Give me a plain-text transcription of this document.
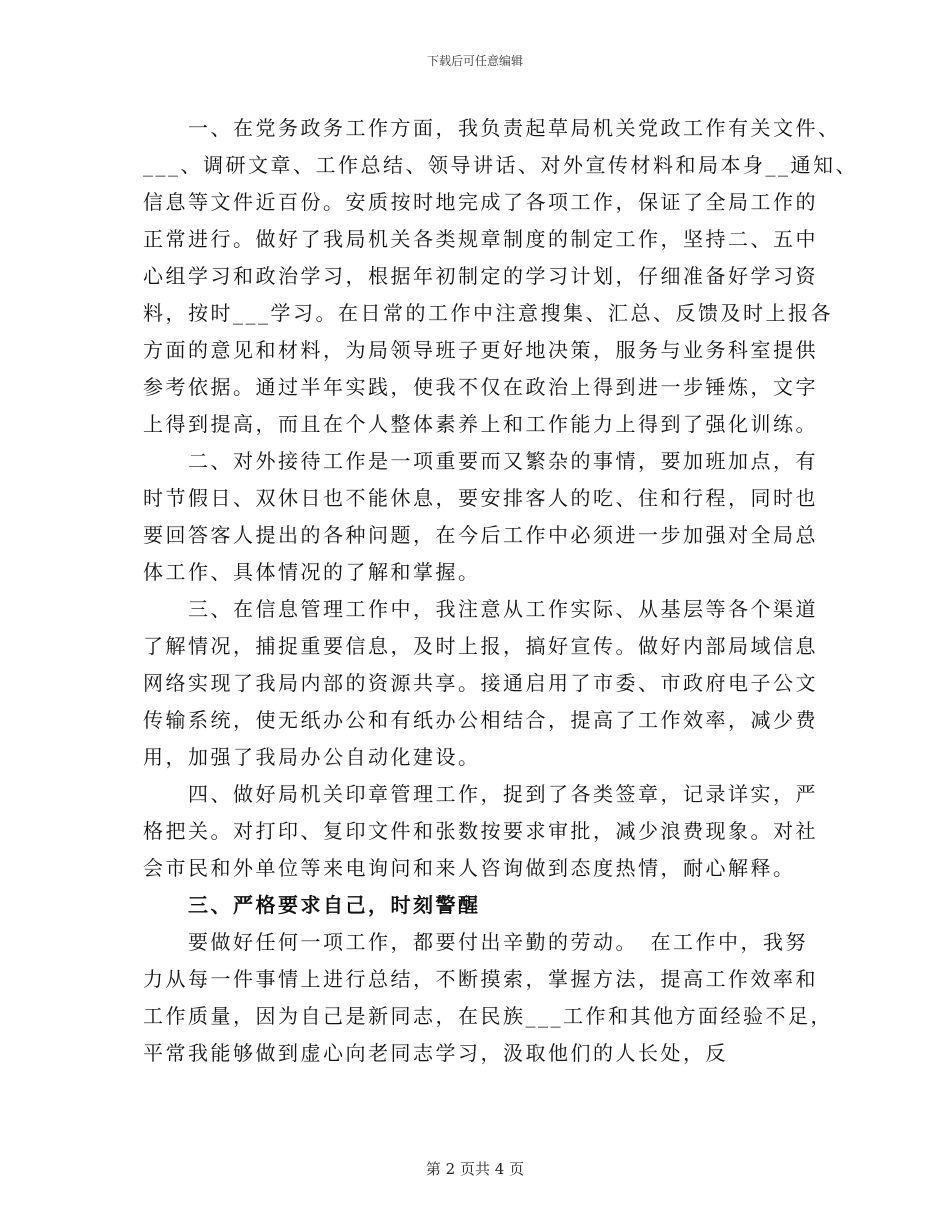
下载后可任意编辑

一、在党务政务工作方面，我负责起草局机关党政工作有关文件、
___、调研文章、工作总结、领导讲话、对外宣传材料和局本身__通知、
信息等文件近百份。安质按时地完成了各项工作，保证了全局工作的
正常进行。做好了我局机关各类规章制度的制定工作，坚持二、五中
心组学习和政治学习，根据年初制定的学习计划，仔细准备好学习资
料，按时___学习。在日常的工作中注意搜集、汇总、反馈及时上报各
方面的意见和材料，为局领导班子更好地决策，服务与业务科室提供
参考依据。通过半年实践，使我不仅在政治上得到进一步锤炼，文字
上得到提高，而且在个人整体素养上和工作能力上得到了强化训练。

二、对外接待工作是一项重要而又繁杂的事情，要加班加点，有
时节假日、双休日也不能休息，要安排客人的吃、住和行程，同时也
要回答客人提出的各种问题，在今后工作中必须进一步加强对全局总
体工作、具体情况的了解和掌握。

三、在信息管理工作中，我注意从工作实际、从基层等各个渠道
了解情况，捕捉重要信息，及时上报，搞好宣传。做好内部局域信息
网络实现了我局内部的资源共享。接通启用了市委、市政府电子公文
传输系统，使无纸办公和有纸办公相结合，提高了工作效率，减少费
用，加强了我局办公自动化建设。

四、做好局机关印章管理工作，捉到了各类签章，记录详实，严
格把关。对打印、复印文件和张数按要求审批，减少浪费现象。对社
会市民和外单位等来电询问和来人咨询做到态度热情，耐心解释。

三、严格要求自己，时刻警醒

要做好任何一项工作，都要付出辛勤的劳动。　在工作中，我努
力从每一件事情上进行总结，不断摸索，掌握方法，提高工作效率和
工作质量，因为自己是新同志，在民族___工作和其他方面经验不足，
平常我能够做到虚心向老同志学习，汲取他们的人长处，反

第 2 页共 4 页
